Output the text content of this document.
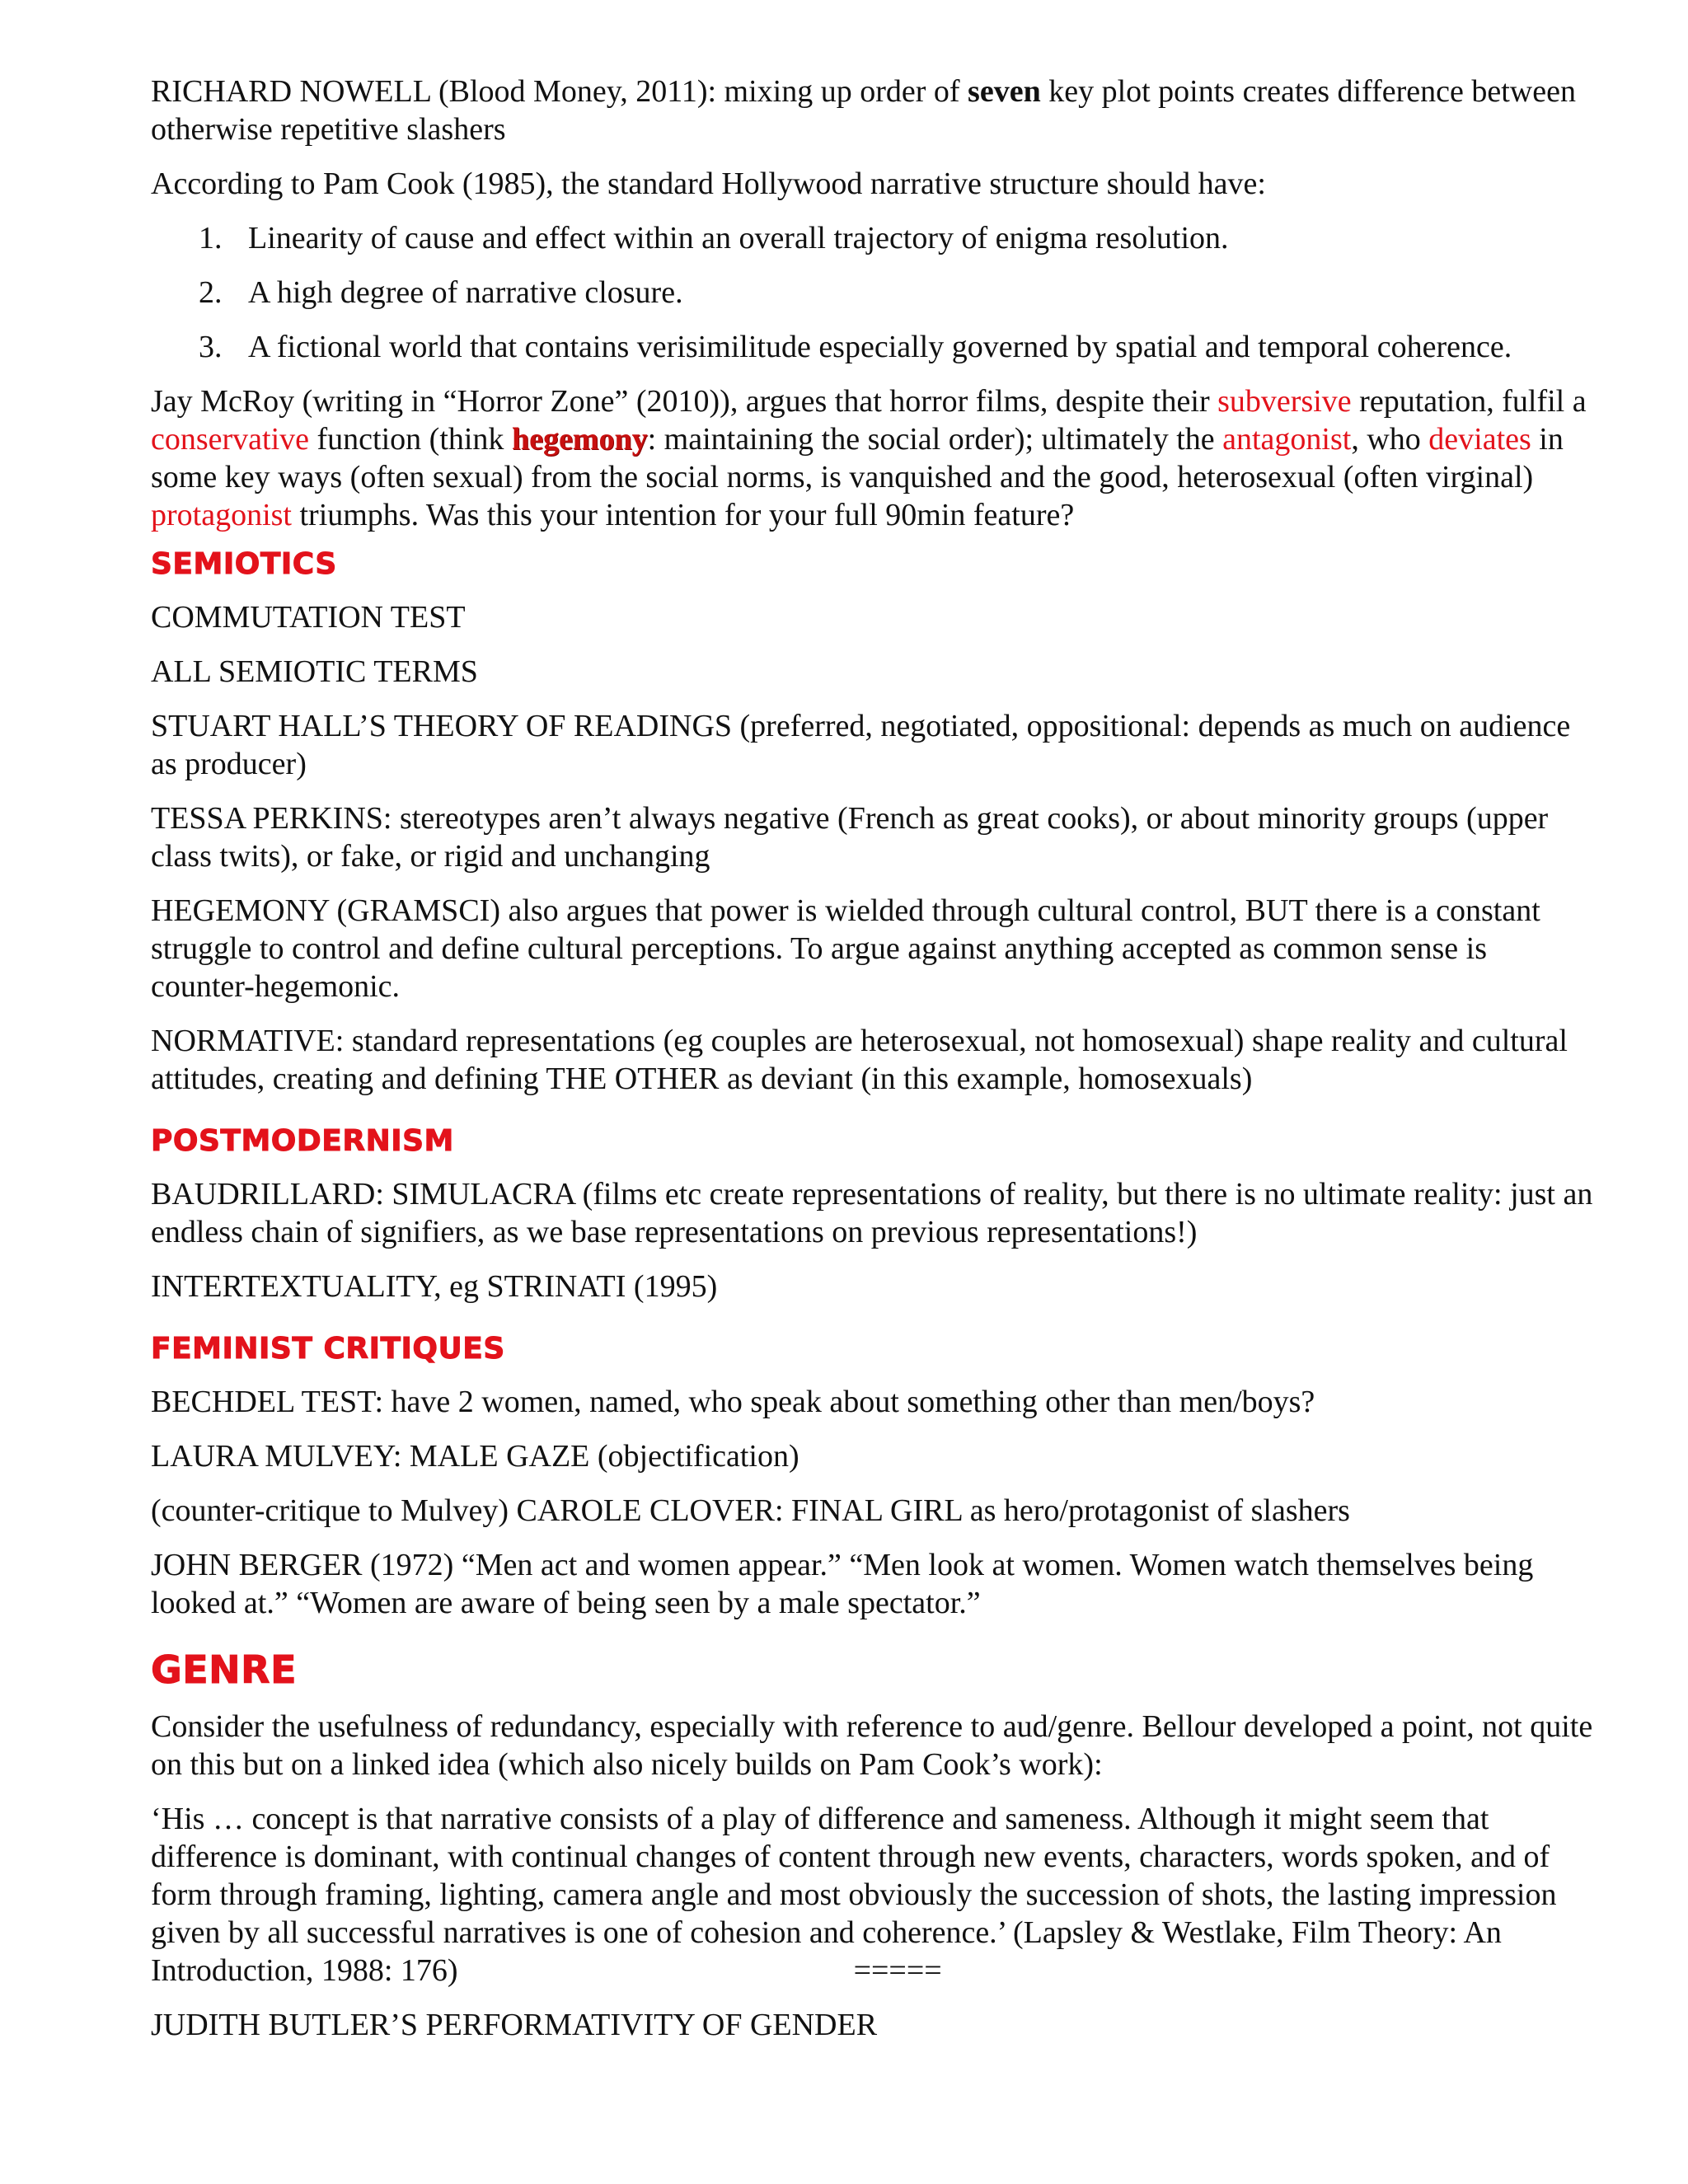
RICHARD NOWELL (Blood Money, 2011): mixing up order of seven key plot points creates difference between otherwise repetitive slashers

According to Pam Cook (1985), the standard Hollywood narrative structure should have:

1. Linearity of cause and effect within an overall trajectory of enigma resolution.
2. A high degree of narrative closure.
3. A fictional world that contains verisimilitude especially governed by spatial and temporal coherence.

Jay McRoy (writing in “Horror Zone” (2010)), argues that horror films, despite their subversive reputation, fulfil a conservative function (think hegemony: maintaining the social order); ultimately the antagonist, who deviates in some key ways (often sexual) from the social norms, is vanquished and the good, heterosexual (often virginal) protagonist triumphs. Was this your intention for your full 90min feature?

SEMIOTICS

COMMUTATION TEST

ALL SEMIOTIC TERMS

STUART HALL’S THEORY OF READINGS (preferred, negotiated, oppositional: depends as much on audience as producer)

TESSA PERKINS: stereotypes aren’t always negative (French as great cooks), or about minority groups (upper class twits), or fake, or rigid and unchanging

HEGEMONY (GRAMSCI) also argues that power is wielded through cultural control, BUT there is a constant struggle to control and define cultural perceptions. To argue against anything accepted as common sense is counter-hegemonic.

NORMATIVE: standard representations (eg couples are heterosexual, not homosexual) shape reality and cultural attitudes, creating and defining THE OTHER as deviant (in this example, homosexuals)

POSTMODERNISM

BAUDRILLARD: SIMULACRA (films etc create representations of reality, but there is no ultimate reality: just an endless chain of signifiers, as we base representations on previous representations!)

INTERTEXTUALITY, eg STRINATI (1995)

FEMINIST CRITIQUES

BECHDEL TEST: have 2 women, named, who speak about something other than men/boys?

LAURA MULVEY: MALE GAZE (objectification)

(counter-critique to Mulvey) CAROLE CLOVER: FINAL GIRL as hero/protagonist of slashers

JOHN BERGER (1972) “Men act and women appear.” “Men look at women. Women watch themselves being looked at.” “Women are aware of being seen by a male spectator.”

GENRE

Consider the usefulness of redundancy, especially with reference to aud/genre. Bellour developed a point, not quite on this but on a linked idea (which also nicely builds on Pam Cook’s work):

‘His … concept is that narrative consists of a play of difference and sameness. Although it might seem that difference is dominant, with continual changes of content through new events, characters, words spoken, and of form through framing, lighting, camera angle and most obviously the succession of shots, the lasting impression given by all successful narratives is one of cohesion and coherence.’ (Lapsley & Westlake, Film Theory: An Introduction, 1988: 176)	=====

JUDITH BUTLER’S PERFORMATIVITY OF GENDER
